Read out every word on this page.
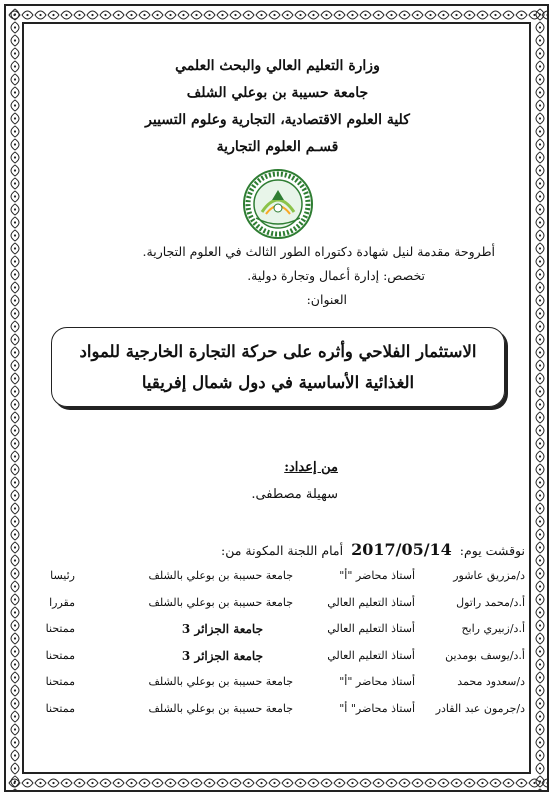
وزارة التعليم العالي والبحث العلمي
جامعة حسيبة بن بوعلي الشلف
كلية العلوم الاقتصادية، التجارية وعلوم التسيير
قسـم العلوم التجارية
أطروحة مقدمة لنيل شهادة دكتوراه الطور الثالث في العلوم التجارية.
تخصص: إدارة أعمال وتجارة دولية.
العنوان:
الاستثمار الفلاحي وأثره على حركة التجارة الخارجية للمواد
الغذائية الأساسية في دول شمال إفريقيا
من إعداد:
سهيلة مصطفى.
نوقشت يوم: 2017/05/14 أمام اللجنة المكونة من:
د/مزريق عاشور
أستاذ محاضر "أ"
جامعة حسيبة بن بوعلي بالشلف
رئيسا
أ.د/محمد راتول
أستاذ التعليم العالي
جامعة حسيبة بن بوعلي بالشلف
مقررا
أ.د/زبيري رابح
أستاذ التعليم العالي
جامعة الجزائر 3
ممتحنا
أ.د/يوسف بومدين
أستاذ التعليم العالي
جامعة الجزائر 3
ممتحنا
د/سعدود محمد
أستاذ محاضر "أ"
جامعة حسيبة بن بوعلي بالشلف
ممتحنا
د/جرمون عبد القادر
أستاذ محاضر" أ"
جامعة حسيبة بن بوعلي بالشلف
ممتحنا
